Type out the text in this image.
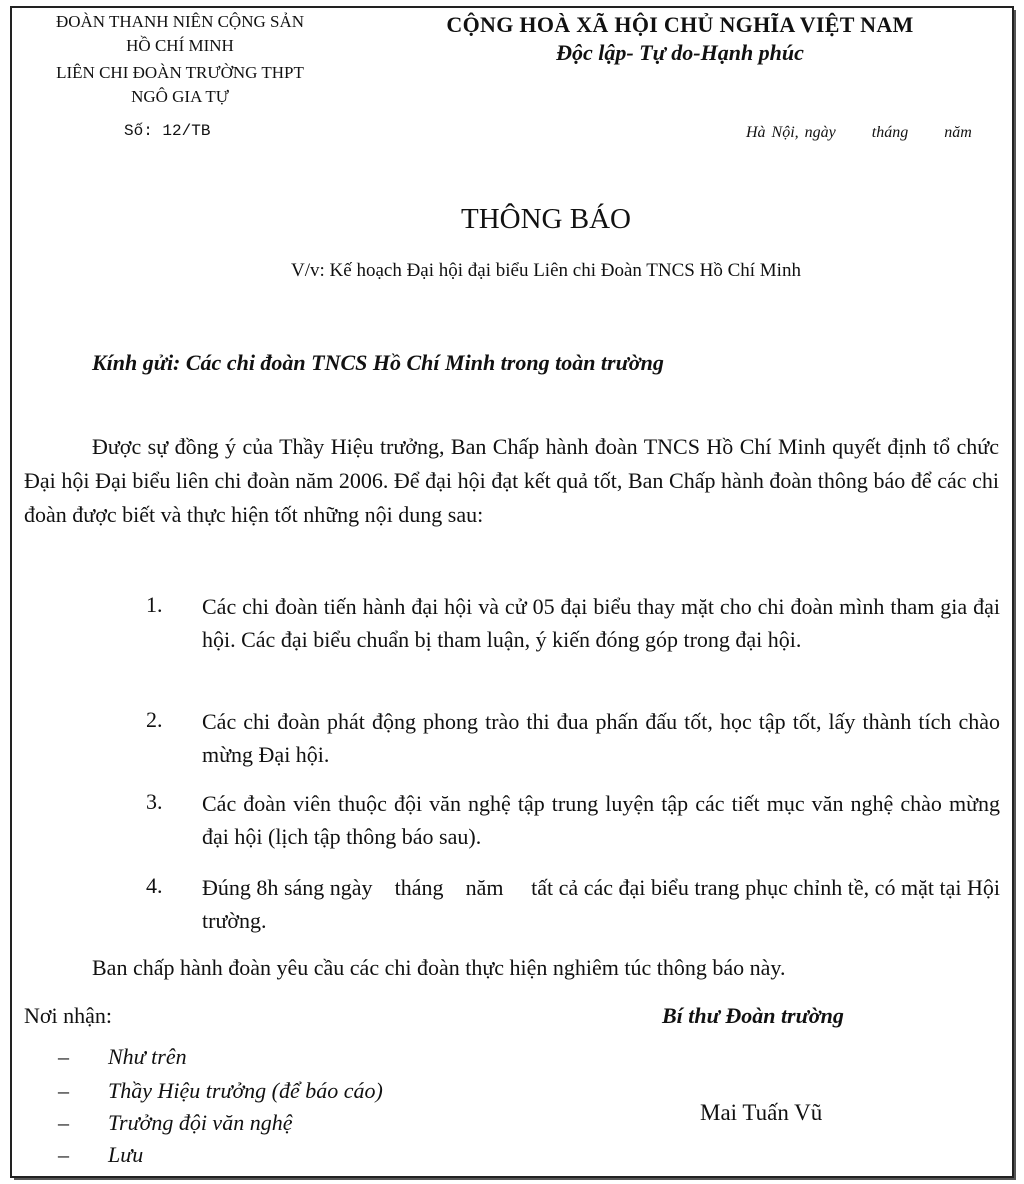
ĐOÀN THANH NIÊN CỘNG SẢN
HỒ CHÍ MINH
LIÊN CHI ĐOÀN TRƯỜNG THPT
NGÔ GIA TỰ
Số: 12/TB
CỘNG HOÀ XÃ HỘI CHỦ NGHĨA VIỆT NAM
Độc lập- Tự do-Hạnh phúc
Hà Nội, ngày      tháng      năm
THÔNG BÁO
V/v: Kế hoạch Đại hội đại biểu Liên chi Đoàn TNCS Hồ Chí Minh
Kính gửi: Các chi đoàn TNCS Hồ Chí Minh trong toàn trường
Được sự đồng ý của Thầy Hiệu trưởng, Ban Chấp hành đoàn TNCS Hồ Chí Minh quyết định tổ chức Đại hội Đại biểu liên chi đoàn năm 2006. Để đại hội đạt kết quả tốt, Ban Chấp hành đoàn thông báo để các chi đoàn được biết và thực hiện tốt những nội dung sau:
1. Các chi đoàn tiến hành đại hội và cử 05 đại biểu thay mặt cho chi đoàn mình tham gia đại hội. Các đại biểu chuẩn bị tham luận, ý kiến đóng góp trong đại hội.
2. Các chi đoàn phát động phong trào thi đua phấn đấu tốt, học tập tốt, lấy thành tích chào mừng Đại hội.
3. Các đoàn viên thuộc đội văn nghệ tập trung luyện tập các tiết mục văn nghệ chào mừng đại hội (lịch tập thông báo sau).
4. Đúng 8h sáng ngày    tháng    năm     tất cả các đại biểu trang phục chỉnh tề, có mặt tại Hội trường.
Ban chấp hành đoàn yêu cầu các chi đoàn thực hiện nghiêm túc thông báo này.
Nơi nhận:
– Như trên
– Thầy Hiệu trưởng (để báo cáo)
– Trưởng đội văn nghệ
– Lưu
Bí thư Đoàn trường
Mai Tuấn Vũ
